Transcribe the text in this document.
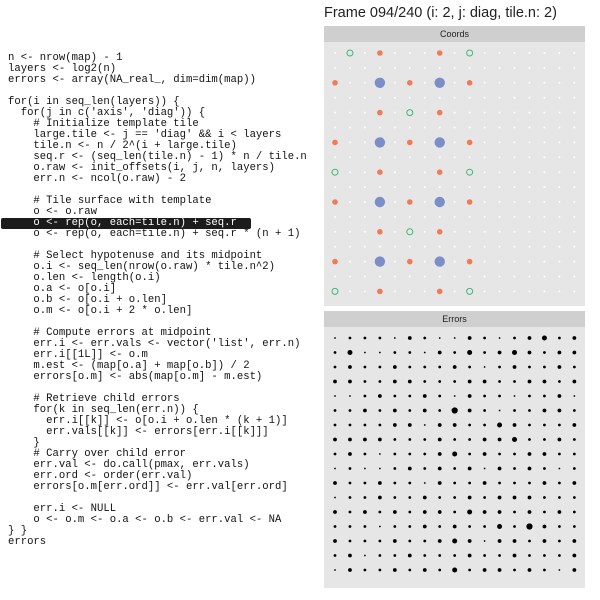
Frame 094/240 (i: 2, j: diag, tile.n: 2)
n <- nrow(map) - 1
layers <- log2(n)
errors <- array(NA_real_, dim=dim(map))
for(i in seq_len(layers)) {
for(j in c('axis', 'diag')) {
# Initialize template tile
large.tile <- j == 'diag' && i < layers
tile.n <- n / 2^(i + large.tile)
seq.r <- (seq_len(tile.n) - 1) * n / tile.n
o.raw <- init_offsets(i, j, n, layers)
err.n <- ncol(o.raw) - 2
# Tile surface with template
o <- o.raw
o <- rep(o, each=tile.n) + seq.r
o <- rep(o, each=tile.n) + seq.r * (n + 1)
# Select hypotenuse and its midpoint
o.i <- seq_len(nrow(o.raw) * tile.n^2)
o.len <- length(o.i)
o.a <- o[o.i]
o.b <- o[o.i + o.len]
o.m <- o[o.i + 2 * o.len]
# Compute errors at midpoint
err.i <- err.vals <- vector('list', err.n)
err.i[[1L]] <- o.m
m.est <- (map[o.a] + map[o.b]) / 2
errors[o.m] <- abs(map[o.m] - m.est)
# Retrieve child errors
for(k in seq_len(err.n)) {
err.i[[k]] <- o[o.i + o.len * (k + 1)]
err.vals[[k]] <- errors[err.i[[k]]]
}
# Carry over child error
err.val <- do.call(pmax, err.vals)
err.ord <- order(err.val)
errors[o.m[err.ord]] <- err.val[err.ord]
err.i <- NULL
o <- o.m <- o.a <- o.b <- err.val <- NA
} }
errors
Coords
Errors
